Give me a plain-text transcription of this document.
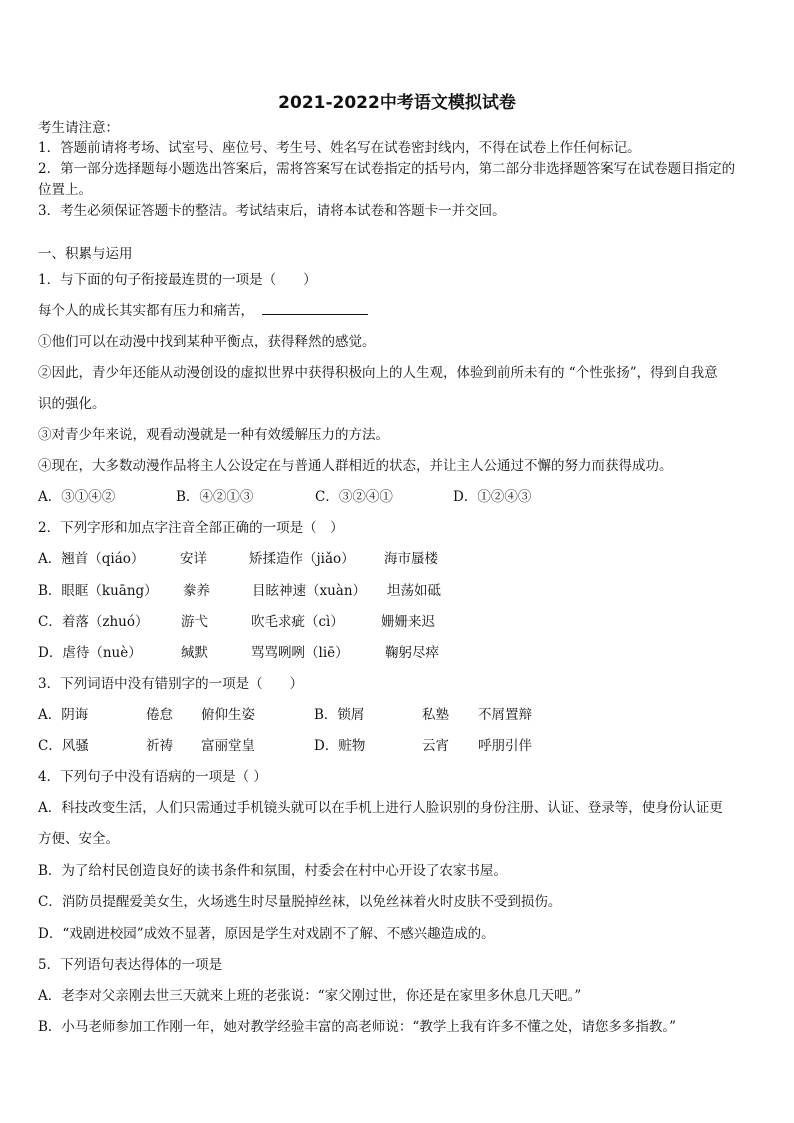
2021-2022中考语文模拟试卷
考生请注意：
1．答题前请将考场、试室号、座位号、考生号、姓名写在试卷密封线内，不得在试卷上作任何标记。
2．第一部分选择题每小题选出答案后，需将答案写在试卷指定的括号内，第二部分非选择题答案写在试卷题目指定的
位置上。
3．考生必须保证答题卡的整洁。考试结束后，请将本试卷和答题卡一并交回。
一、积累与运用
1．与下面的句子衔接最连贯的一项是（　　）
每个人的成长其实都有压力和痛苦，
①他们可以在动漫中找到某种平衡点，获得释然的感觉。
②因此，青少年还能从动漫创设的虚拟世界中获得积极向上的人生观，体验到前所未有的 “个性张扬”，得到自我意
识的强化。
③对青少年来说，观看动漫就是一种有效缓解压力的方法。
④现在，大多数动漫作品将主人公设定在与普通人群相近的状态，并让主人公通过不懈的努力而获得成功。
A．③①④②	B．④②①③	C．③②④①	D．①②④③
2．下列字形和加点字注音全部正确的一项是（　）
A．翘首（qiáo）	安详	矫揉造作（jiǎo） 海市蜃楼
B．眼眶（kuāng） 豢养	目眩神速（xuàn） 坦荡如砥
C．着落（zhuó） 游弋	吹毛求疵（cì）	姗姗来迟
D．虐待（nuè）	缄默	骂骂咧咧（liē）	鞠躬尽瘁
3．下列词语中没有错别字的一项是（　　）
A．阴诲	倦怠 俯仰生姿	B．锁屑	私塾 不屑置辩
C．风骚	祈祷 富丽堂皇	D．赃物	云宵 呼朋引伴
4．下列句子中没有语病的一项是（ ）
A．科技改变生活，人们只需通过手机镜头就可以在手机上进行人脸识别的身份注册、认证、登录等，使身份认证更
方便、安全。
B．为了给村民创造良好的读书条件和氛围，村委会在村中心开设了农家书屋。
C．消防员提醒爱美女生，火场逃生时尽量脱掉丝袜，以免丝袜着火时皮肤不受到损伤。
D．“戏剧进校园”成效不显著，原因是学生对戏剧不了解、不感兴趣造成的。
5．下列语句表达得体的一项是
A．老李对父亲刚去世三天就来上班的老张说：“家父刚过世，你还是在家里多休息几天吧。”
B．小马老师参加工作刚一年，她对教学经验丰富的高老师说：“教学上我有许多不懂之处，请您多多指教。”
